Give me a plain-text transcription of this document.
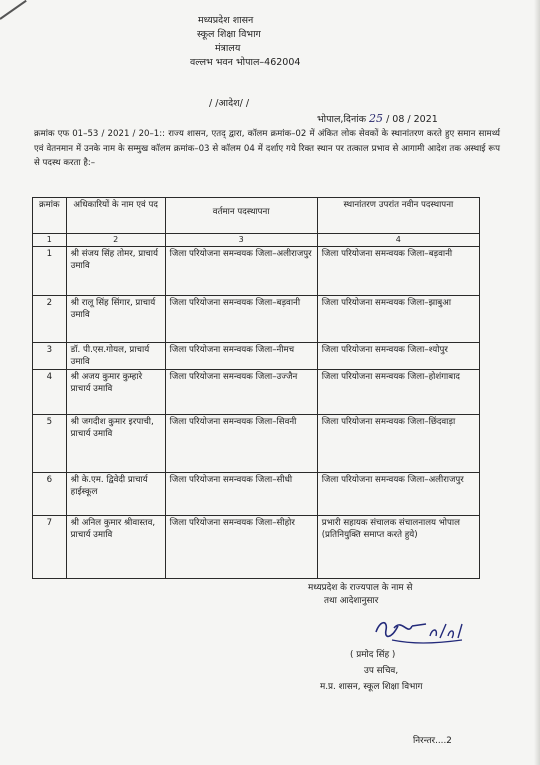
मध्यप्रदेश शासन
स्कूल शिक्षा विभाग
मंत्रालय
वल्लभ भवन भोपाल–462004
/ /आदेश/ /
भोपाल,दिनांक 25 / 08 / 2021
क्रमांक एफ 01–53 / 2021 / 20–1:: राज्य शासन, एतद् द्वारा, कॉलम क्रमांक–02 में अंकित लोक सेवकों के स्थानांतरण करते हुए समान सामर्थ्य एवं वेतनमान में उनके नाम के सम्मुख कॉलम क्रमांक–03 से कॉलम 04 में दर्शाए गये रिक्त स्थान पर तत्काल प्रभाव से आगामी आदेश तक अस्थाई रूप से पदस्थ करता है:–
क्रमांक	अधिकारियों के नाम एवं पद	वर्तमान पदस्थापना	स्थानांतरण उपरांत नवीन पदस्थापना
1	2	3	4
1	श्री संजय सिंह तोमर, प्राचार्य उमावि	जिला परियोजना समन्वयक जिला–अलीराजपुर	जिला परियोजना समन्वयक जिला–बड़वानी
2	श्री रालू सिंह सिंगार, प्राचार्य उमावि	जिला परियोजना समन्वयक जिला–बड़वानी	जिला परियोजना समन्वयक जिला–झाबुआ
3	डॉ. पी.एस.गोयल, प्राचार्य उमावि	जिला परियोजना समन्वयक जिला–नीमच	जिला परियोजना समन्वयक जिला–श्योपुर
4	श्री अजय कुमार कुम्हारे प्राचार्य उमावि	जिला परियोजना समन्वयक जिला–उज्जैन	जिला परियोजना समन्वयक जिला–होशंगाबाद
5	श्री जगदीश कुमार इरपाची, प्राचार्य उमावि	जिला परियोजना समन्वयक जिला–सिवनी	जिला परियोजना समन्वयक जिला–छिंदवाड़ा
6	श्री के.एम. द्विवेदी प्राचार्य हाईस्कूल	जिला परियोजना समन्वयक जिला–सीधी	जिला परियोजना समन्वयक जिला–अलीराजपुर
7	श्री अनिल कुमार श्रीवास्तव, प्राचार्य उमावि	जिला परियोजना समन्वयक जिला–सीहोर	प्रभारी सहायक संचालक संचालनालय भोपाल (प्रतिनियुक्ति समाप्त करते हुये)
मध्यप्रदेश के राज्यपाल के नाम से
तथा आदेशानुसार
( प्रमोद सिंह )
उप सचिव,
म.प्र. शासन, स्कूल शिक्षा विभाग
निरन्तर....2
